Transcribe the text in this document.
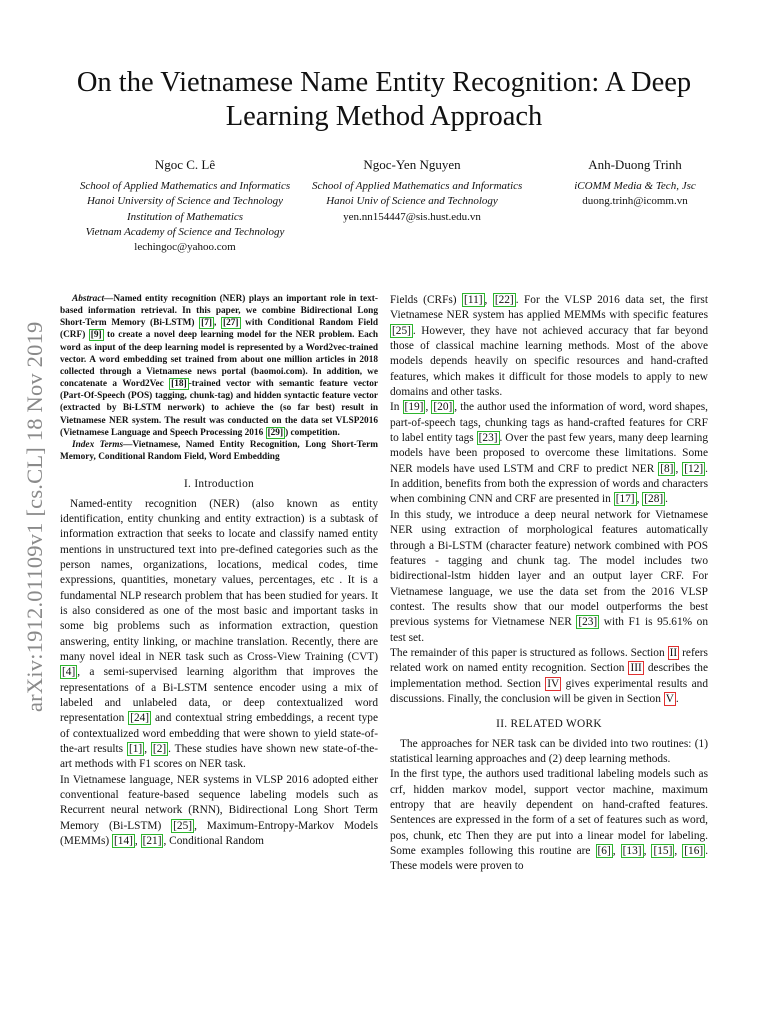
arXiv:1912.01109v1 [cs.CL] 18 Nov 2019
On the Vietnamese Name Entity Recognition: A Deep Learning Method Approach
Ngoc C. Lê
School of Applied Mathematics and Informatics
Hanoi University of Science and Technology
Institution of Mathematics
Vietnam Academy of Science and Technology
lechingoc@yahoo.com
Ngoc-Yen Nguyen
School of Applied Mathematics and Informatics
Hanoi Univ of Science and Technology
yen.nn154447@sis.hust.edu.vn
Anh-Duong Trinh
iCOMM Media & Tech, Jsc
duong.trinh@icomm.vn

Abstract—Named entity recognition (NER) plays an important role in text-based information retrieval. In this paper, we combine Bidirectional Long Short-Term Memory (Bi-LSTM) [7] , [27] with Conditional Random Field (CRF) [9] to create a novel deep learning model for the NER problem. Each word as input of the deep learning model is represented by a Word2vec-trained vector. A word embedding set trained from about one million articles in 2018 collected through a Vietnamese news portal (baomoi.com). In addition, we concatenate a Word2Vec [18] -trained vector with semantic feature vector (Part-Of-Speech (POS) tagging, chunk-tag) and hidden syntactic feature vector (extracted by Bi-LSTM nerwork) to achieve the (so far best) result in Vietnamese NER system. The result was conducted on the data set VLSP2016 (Vietnamese Language and Speech Processing 2016 [29] ) competition.

Index Terms—Vietnamese, Named Entity Recognition, Long Short-Term Memory, Conditional Random Field, Word Embedding

I. Introduction

Named-entity recognition (NER) (also known as entity identification, entity chunking and entity extraction) is a subtask of information extraction that seeks to locate and classify named entity mentions in unstructured text into pre-defined categories such as the person names, organizations, locations, medical codes, time expressions, quantities, monetary values, percentages, etc . It is a fundamental NLP research problem that has been studied for years. It is also considered as one of the most basic and important tasks in some big problems such as information extraction, question answering, entity linking, or machine translation. Recently, there are many novel ideal in NER task such as Cross-View Training (CVT) [4] , a semi-supervised learning algorithm that improves the representations of a Bi-LSTM sentence encoder using a mix of labeled and unlabeled data, or deep contextualized word representation [24] and contextual string embeddings, a recent type of contextualized word embedding that were shown to yield state-of-the-art results [1] , [2] . These studies have shown new state-of-the-art methods with F1 scores on NER task.

In Vietnamese language, NER systems in VLSP 2016 adopted either conventional feature-based sequence labeling models such as Recurrent neural network (RNN), Bidirectional Long Short Term Memory (Bi-LSTM) [25] , Maximum-Entropy-Markov Models (MEMMs) [14] , [21] , Conditional Random

Fields (CRFs) [11] , [22] . For the VLSP 2016 data set, the first Vietnamese NER system has applied MEMMs with specific features [25] . However, they have not achieved accuracy that far beyond those of classical machine learning methods. Most of the above models depends heavily on specific resources and hand-crafted features, which makes it difficult for those models to apply to new domains and other tasks.

In [19] , [20] , the author used the information of word, word shapes, part-of-speech tags, chunking tags as hand-crafted features for CRF to label entity tags [23] . Over the past few years, many deep learning models have been proposed to overcome these limitations. Some NER models have used LSTM and CRF to predict NER [8] , [12] . In addition, benefits from both the expression of words and characters when combining CNN and CRF are presented in [17] , [28] .

In this study, we introduce a deep neural network for Vietnamese NER using extraction of morphological features automatically through a Bi-LSTM (character feature) network combined with POS features - tagging and chunk tag. The model includes two bidirectional-lstm hidden layer and an output layer CRF. For Vietnamese language, we use the data set from the 2016 VLSP contest. The results show that our model outperforms the best previous systems for Vietnamese NER [23] with F1 is 95.61% on test set.

The remainder of this paper is structured as follows. Section II refers related work on named entity recognition. Section III describes the implementation method. Section IV gives experimental results and discussions. Finally, the conclusion will be given in Section V .

II. RELATED WORK

The approaches for NER task can be divided into two routines: (1) statistical learning approaches and (2) deep learning methods.

In the first type, the authors used traditional labeling models such as crf, hidden markov model, support vector machine, maximum entropy that are heavily dependent on hand-crafted features. Sentences are expressed in the form of a set of features such as word, pos, chunk, etc Then they are put into a linear model for labeling. Some examples following this routine are [6] , [13] , [15] , [16] . These models were proven to
